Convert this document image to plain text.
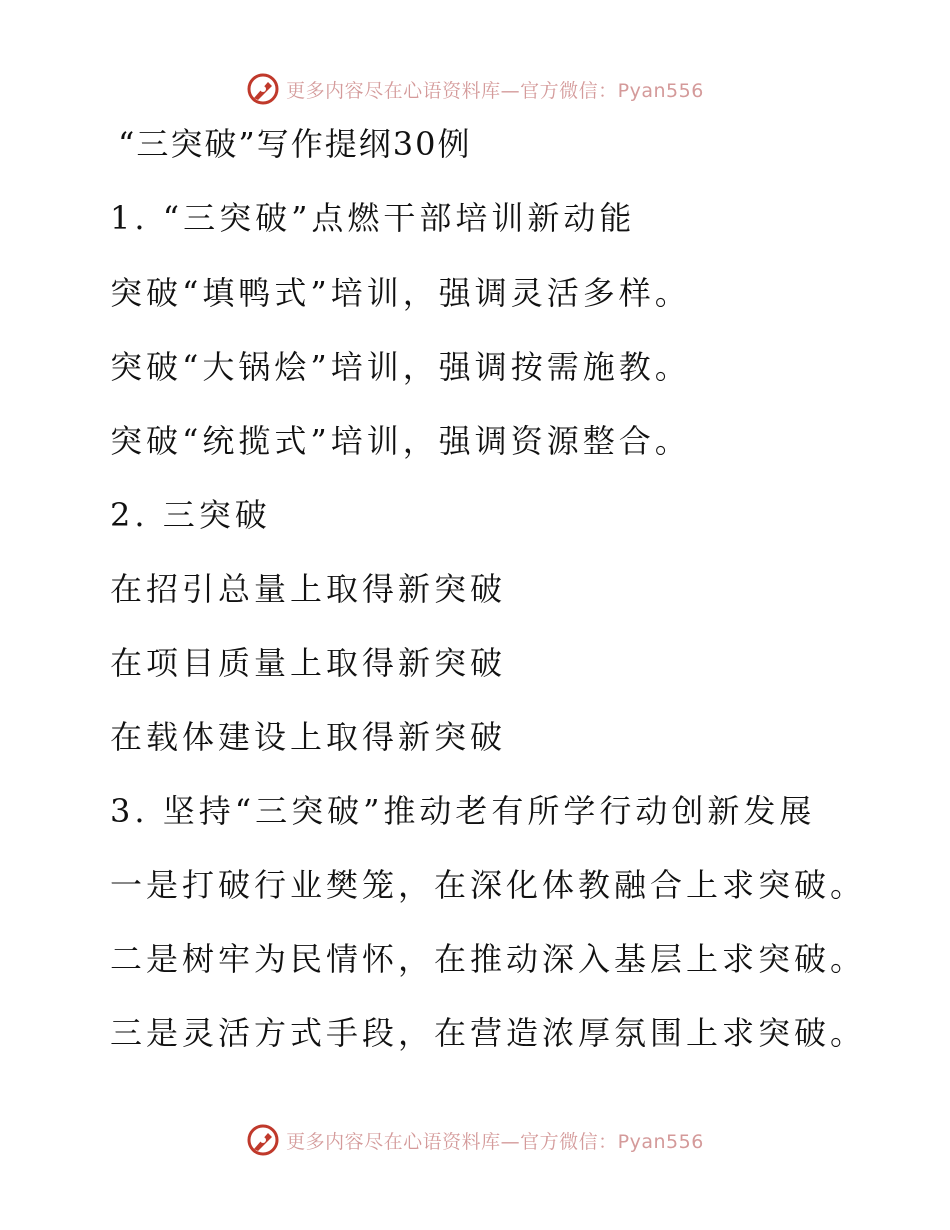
更多内容尽在心语资料库—官方微信：Pyan556
“三突破”写作提纲30例
1. “三突破”点燃干部培训新动能
突破“填鸭式”培训，强调灵活多样。
突破“大锅烩”培训，强调按需施教。
突破“统揽式”培训，强调资源整合。
2. 三突破
在招引总量上取得新突破
在项目质量上取得新突破
在载体建设上取得新突破
3. 坚持“三突破”推动老有所学行动创新发展
一是打破行业樊笼，在深化体教融合上求突破。
二是树牢为民情怀，在推动深入基层上求突破。
三是灵活方式手段，在营造浓厚氛围上求突破。
更多内容尽在心语资料库—官方微信：Pyan556
